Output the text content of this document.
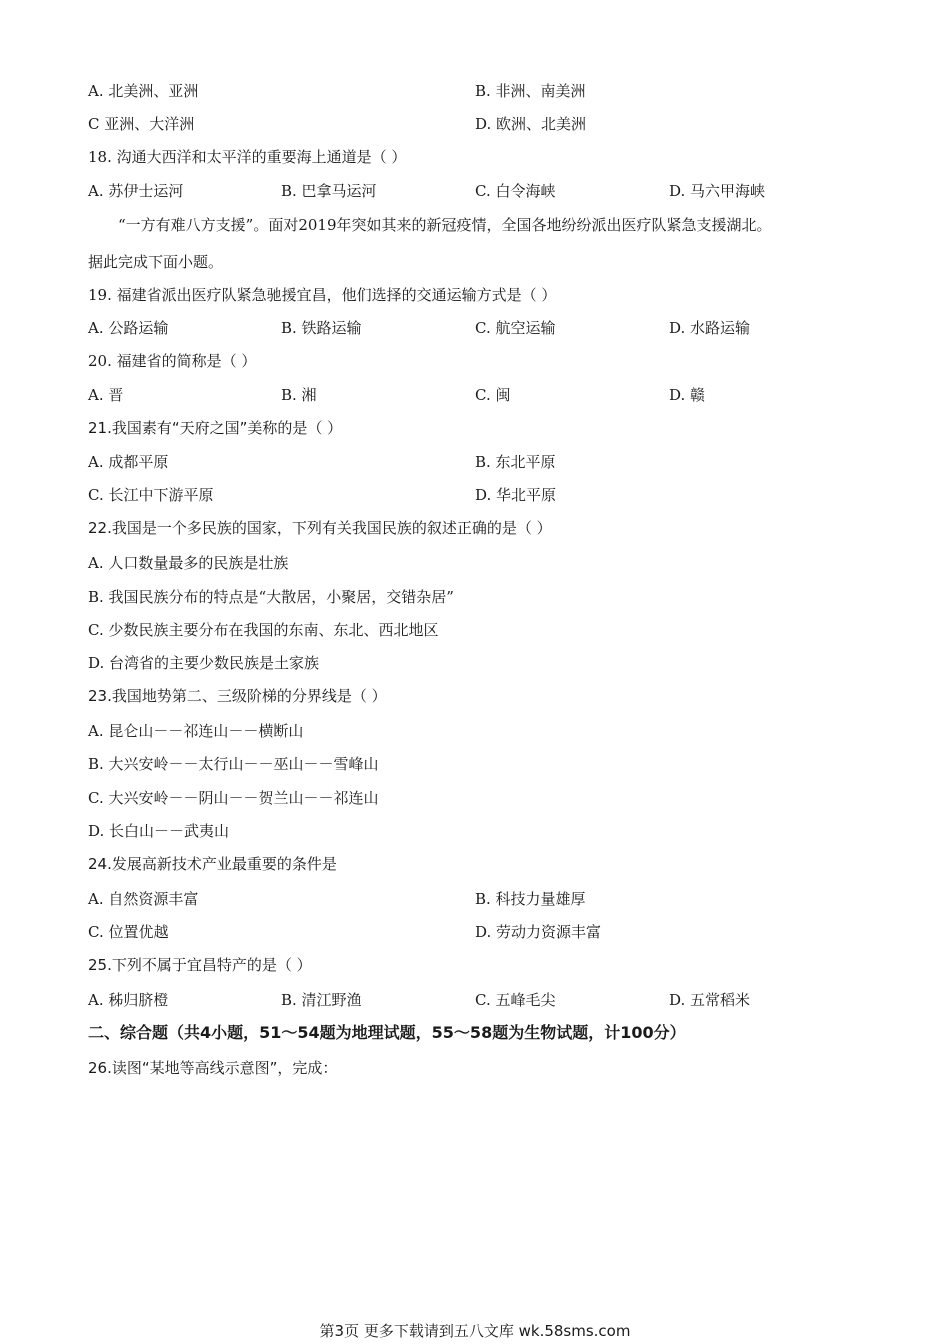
A. 北美洲、亚洲	B. 非洲、南美洲
C 亚洲、大洋洲	D. 欧洲、北美洲
18. 沟通大西洋和太平洋的重要海上通道是（ ）
A. 苏伊士运河	B. 巴拿马运河	C. 白令海峡	D. 马六甲海峡
“一方有难八方支援”。面对2019年突如其来的新冠疫情，全国各地纷纷派出医疗队紧急支援湖北。
据此完成下面小题。
19. 福建省派出医疗队紧急驰援宜昌，他们选择的交通运输方式是（ ）
A. 公路运输	B. 铁路运输	C. 航空运输	D. 水路运输
20. 福建省的简称是（ ）
A. 晋	B. 湘	C. 闽	D. 赣
21.我国素有“天府之国”美称的是（ ）
A. 成都平原	B. 东北平原
C. 长江中下游平原	D. 华北平原
22.我国是一个多民族的国家，下列有关我国民族的叙述正确的是（ ）
A. 人口数量最多的民族是壮族
B. 我国民族分布的特点是“大散居，小聚居，交错杂居”
C. 少数民族主要分布在我国的东南、东北、西北地区
D. 台湾省的主要少数民族是土家族
23.我国地势第二、三级阶梯的分界线是（ ）
A. 昆仑山－－祁连山－－横断山
B. 大兴安岭－－太行山－－巫山－－雪峰山
C. 大兴安岭－－阴山－－贺兰山－－祁连山
D. 长白山－－武夷山
24.发展高新技术产业最重要的条件是
A. 自然资源丰富	B. 科技力量雄厚
C. 位置优越	D. 劳动力资源丰富
25.下列不属于宜昌特产的是（ ）
A. 秭归脐橙	B. 清江野渔	C. 五峰毛尖	D. 五常稻米
二、综合题（共4小题，51～54题为地理试题，55～58题为生物试题，计100分）
26.读图“某地等高线示意图”，完成：
第3页 更多下载请到五八文库 wk.58sms.com
